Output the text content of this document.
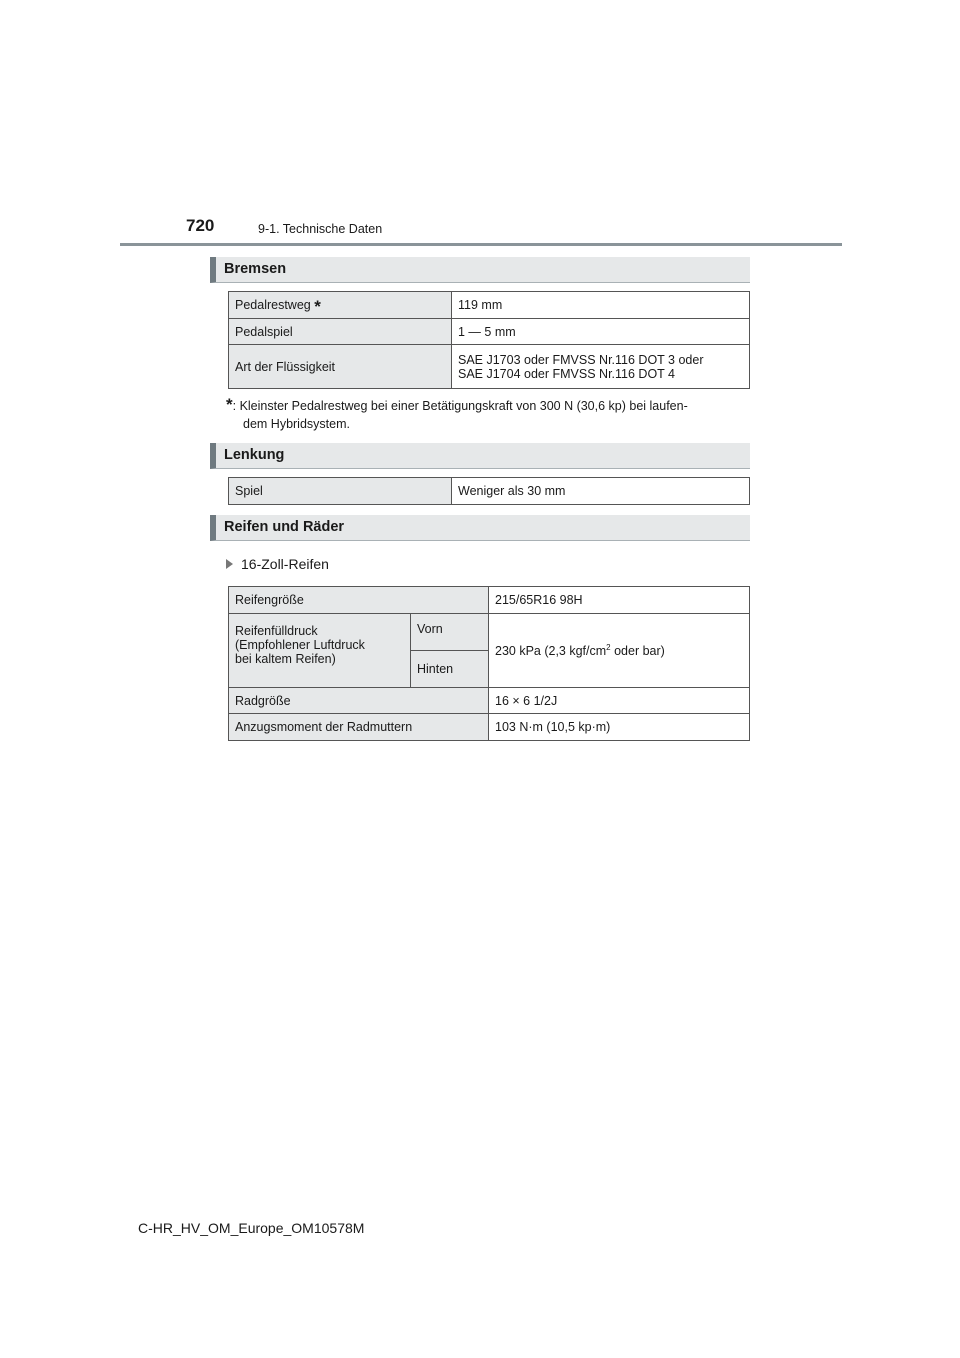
720	9-1. Technische Daten
Bremsen
Pedalrestweg *	119 mm
Pedalspiel	1 — 5 mm
Art der Flüssigkeit	SAE J1703 oder FMVSS Nr.116 DOT 3 oder
SAE J1704 oder FMVSS Nr.116 DOT 4
*: Kleinster Pedalrestweg bei einer Betätigungskraft von 300 N (30,6 kp) bei laufen-
dem Hybridsystem.
Lenkung
Spiel	Weniger als 30 mm
Reifen und Räder
16-Zoll-Reifen
Reifengröße		215/65R16 98H
Reifenfülldruck
(Empfohlener Luftdruck
bei kaltem Reifen)	Vorn	230 kPa (2,3 kgf/$cm^2$ oder bar)
	Hinten	
Radgröße		16 × 6 1/2J
Anzugsmoment der Radmuttern		103 N·m (10,5 kp·m)
C-HR_HV_OM_Europe_OM10578M
